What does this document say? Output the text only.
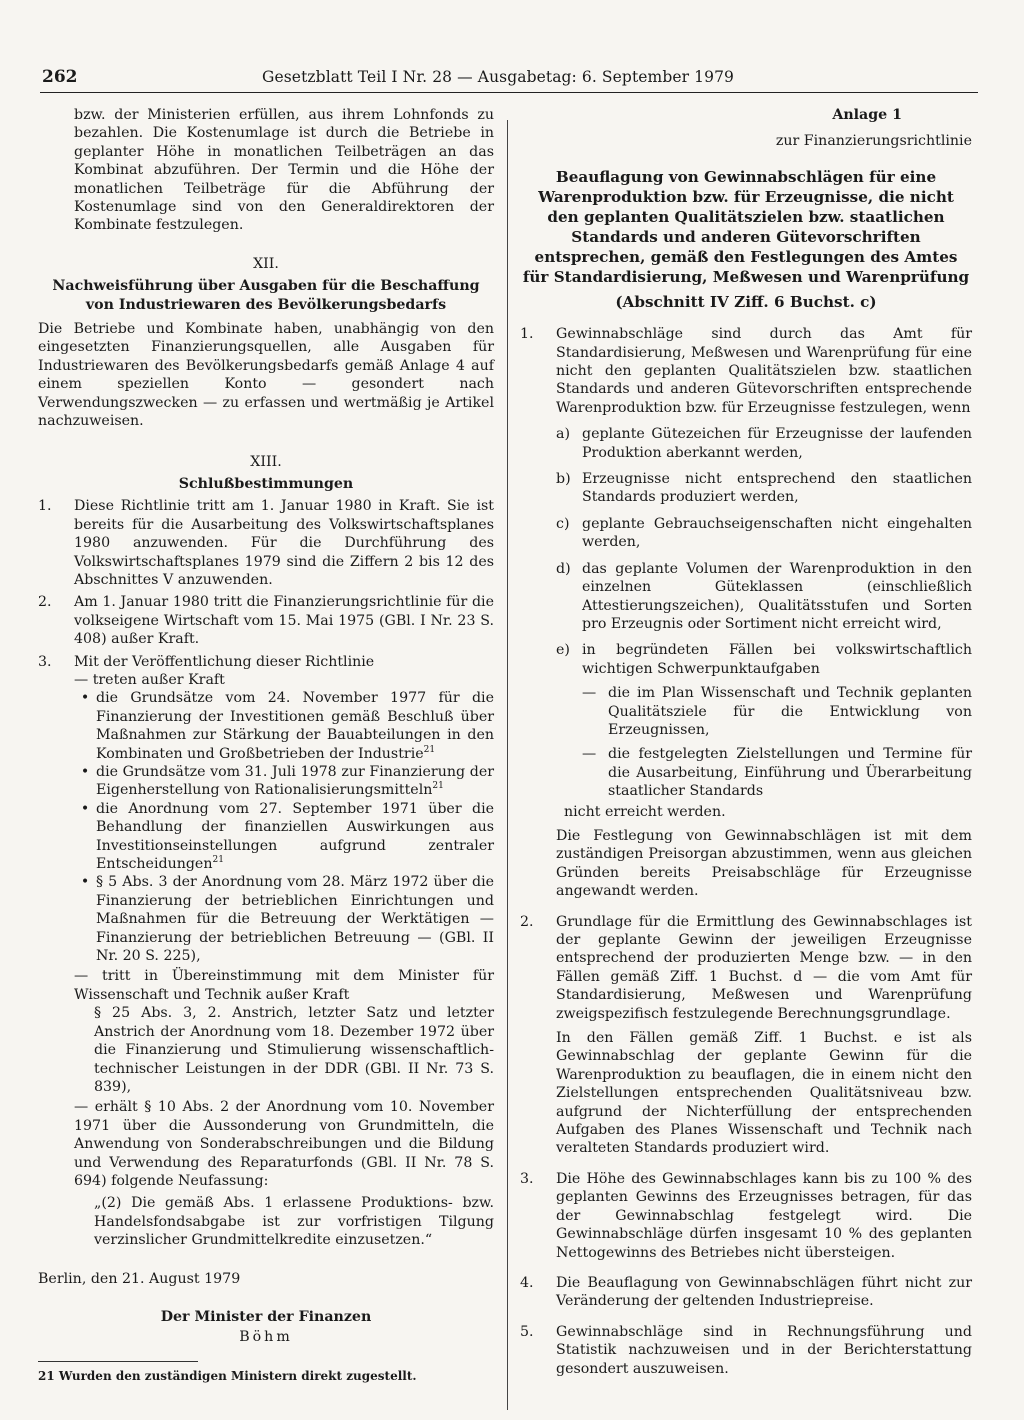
262	Gesetzblatt Teil I Nr. 28 — Ausgabetag: 6. September 1979

bzw. der Ministerien erfüllen, aus ihrem Lohnfonds zu bezahlen. Die Kostenumlage ist durch die Betriebe in geplanter Höhe in monatlichen Teilbeträgen an das Kombinat abzuführen. Der Termin und die Höhe der monatlichen Teilbeträge für die Abführung der Kostenumlage sind von den Generaldirektoren der Kombinate festzulegen.

XII.

Nachweisführung über Ausgaben für die Beschaffung von Industriewaren des Bevölkerungsbedarfs

Die Betriebe und Kombinate haben, unabhängig von den eingesetzten Finanzierungsquellen, alle Ausgaben für Industriewaren des Bevölkerungsbedarfs gemäß Anlage 4 auf einem speziellen Konto — gesondert nach Verwendungszwecken — zu erfassen und wertmäßig je Artikel nachzuweisen.

XIII.

Schlußbestimmungen

1.	Diese Richtlinie tritt am 1. Januar 1980 in Kraft. Sie ist bereits für die Ausarbeitung des Volkswirtschaftsplanes 1980 anzuwenden. Für die Durchführung des Volkswirtschaftsplanes 1979 sind die Ziffern 2 bis 12 des Abschnittes V anzuwenden.
2.	Am 1. Januar 1980 tritt die Finanzierungsrichtlinie für die volkseigene Wirtschaft vom 15. Mai 1975 (GBl. I Nr. 23 S. 408) außer Kraft.
3.	Mit der Veröffentlichung dieser Richtlinie

— treten außer Kraft

• die Grundsätze vom 24. November 1977 für die Finanzierung der Investitionen gemäß Beschluß über Maßnahmen zur Stärkung der Bauabteilungen in den Kombinaten und Großbetrieben der Industrie$^{21}$

• die Grundsätze vom 31. Juli 1978 zur Finanzierung der Eigenherstellung von Rationalisierungsmitteln$^{21}$

• die Anordnung vom 27. September 1971 über die Behandlung der finanziellen Auswirkungen aus Investitionseinstellungen aufgrund zentraler Entscheidungen$^{21}$

• § 5 Abs. 3 der Anordnung vom 28. März 1972 über die Finanzierung der betrieblichen Einrichtungen und Maßnahmen für die Betreuung der Werktätigen — Finanzierung der betrieblichen Betreuung — (GBl. II Nr. 20 S. 225),

— tritt in Übereinstimmung mit dem Minister für Wissenschaft und Technik außer Kraft

§ 25 Abs. 3, 2. Anstrich, letzter Satz und letzter Anstrich der Anordnung vom 18. Dezember 1972 über die Finanzierung und Stimulierung wissenschaftlich-technischer Leistungen in der DDR (GBl. II Nr. 73 S. 839),

— erhält § 10 Abs. 2 der Anordnung vom 10. November 1971 über die Aussonderung von Grundmitteln, die Anwendung von Sonderabschreibungen und die Bildung und Verwendung des Reparaturfonds (GBl. II Nr. 78 S. 694) folgende Neufassung:

„(2) Die gemäß Abs. 1 erlassene Produktions- bzw. Handelsfondsabgabe ist zur vorfristigen Tilgung verzinslicher Grundmittelkredite einzusetzen.“

Berlin, den 21. August 1979

Der Minister der Finanzen

Böhm

21 Wurden den zuständigen Ministern direkt zugestellt.

Anlage 1

zur Finanzierungsrichtlinie

Beauflagung von Gewinnabschlägen für eine Warenproduktion bzw. für Erzeugnisse, die nicht den geplanten Qualitätszielen bzw. staatlichen Standards und anderen Gütevorschriften entsprechen, gemäß den Festlegungen des Amtes für Standardisierung, Meßwesen und Warenprüfung

(Abschnitt IV Ziff. 6 Buchst. c)

1.	Gewinnabschläge sind durch das Amt für Standardisierung, Meßwesen und Warenprüfung für eine nicht den geplanten Qualitätszielen bzw. staatlichen Standards und anderen Gütevorschriften entsprechende Warenproduktion bzw. für Erzeugnisse festzulegen, wenn

a) geplante Gütezeichen für Erzeugnisse der laufenden Produktion aberkannt werden,
b) Erzeugnisse nicht entsprechend den staatlichen Standards produziert werden,
c) geplante Gebrauchseigenschaften nicht eingehalten werden,
d) das geplante Volumen der Warenproduktion in den einzelnen Güteklassen (einschließlich Attestierungszeichen), Qualitätsstufen und Sorten pro Erzeugnis oder Sortiment nicht erreicht wird,
e) in begründeten Fällen bei volkswirtschaftlich wichtigen Schwerpunktaufgaben

— die im Plan Wissenschaft und Technik geplanten Qualitätsziele für die Entwicklung von Erzeugnissen,
— die festgelegten Zielstellungen und Termine für die Ausarbeitung, Einführung und Überarbeitung staatlicher Standards

nicht erreicht werden.

Die Festlegung von Gewinnabschlägen ist mit dem zuständigen Preisorgan abzustimmen, wenn aus gleichen Gründen bereits Preisabschläge für Erzeugnisse angewandt werden.

2.	Grundlage für die Ermittlung des Gewinnabschlages ist der geplante Gewinn der jeweiligen Erzeugnisse entsprechend der produzierten Menge bzw. — in den Fällen gemäß Ziff. 1 Buchst. d — die vom Amt für Standardisierung, Meßwesen und Warenprüfung zweigspezifisch festzulegende Berechnungsgrundlage.

In den Fällen gemäß Ziff. 1 Buchst. e ist als Gewinnabschlag der geplante Gewinn für die Warenproduktion zu beauflagen, die in einem nicht den Zielstellungen entsprechenden Qualitätsniveau bzw. aufgrund der Nichterfüllung der entsprechenden Aufgaben des Planes Wissenschaft und Technik nach veralteten Standards produziert wird.

3.	Die Höhe des Gewinnabschlages kann bis zu 100 % des geplanten Gewinns des Erzeugnisses betragen, für das der Gewinnabschlag festgelegt wird. Die Gewinnabschläge dürfen insgesamt 10 % des geplanten Nettogewinns des Betriebes nicht übersteigen.
4.	Die Beauflagung von Gewinnabschlägen führt nicht zur Veränderung der geltenden Industriepreise.
5.	Gewinnabschläge sind in Rechnungsführung und Statistik nachzuweisen und in der Berichterstattung gesondert auszuweisen.
